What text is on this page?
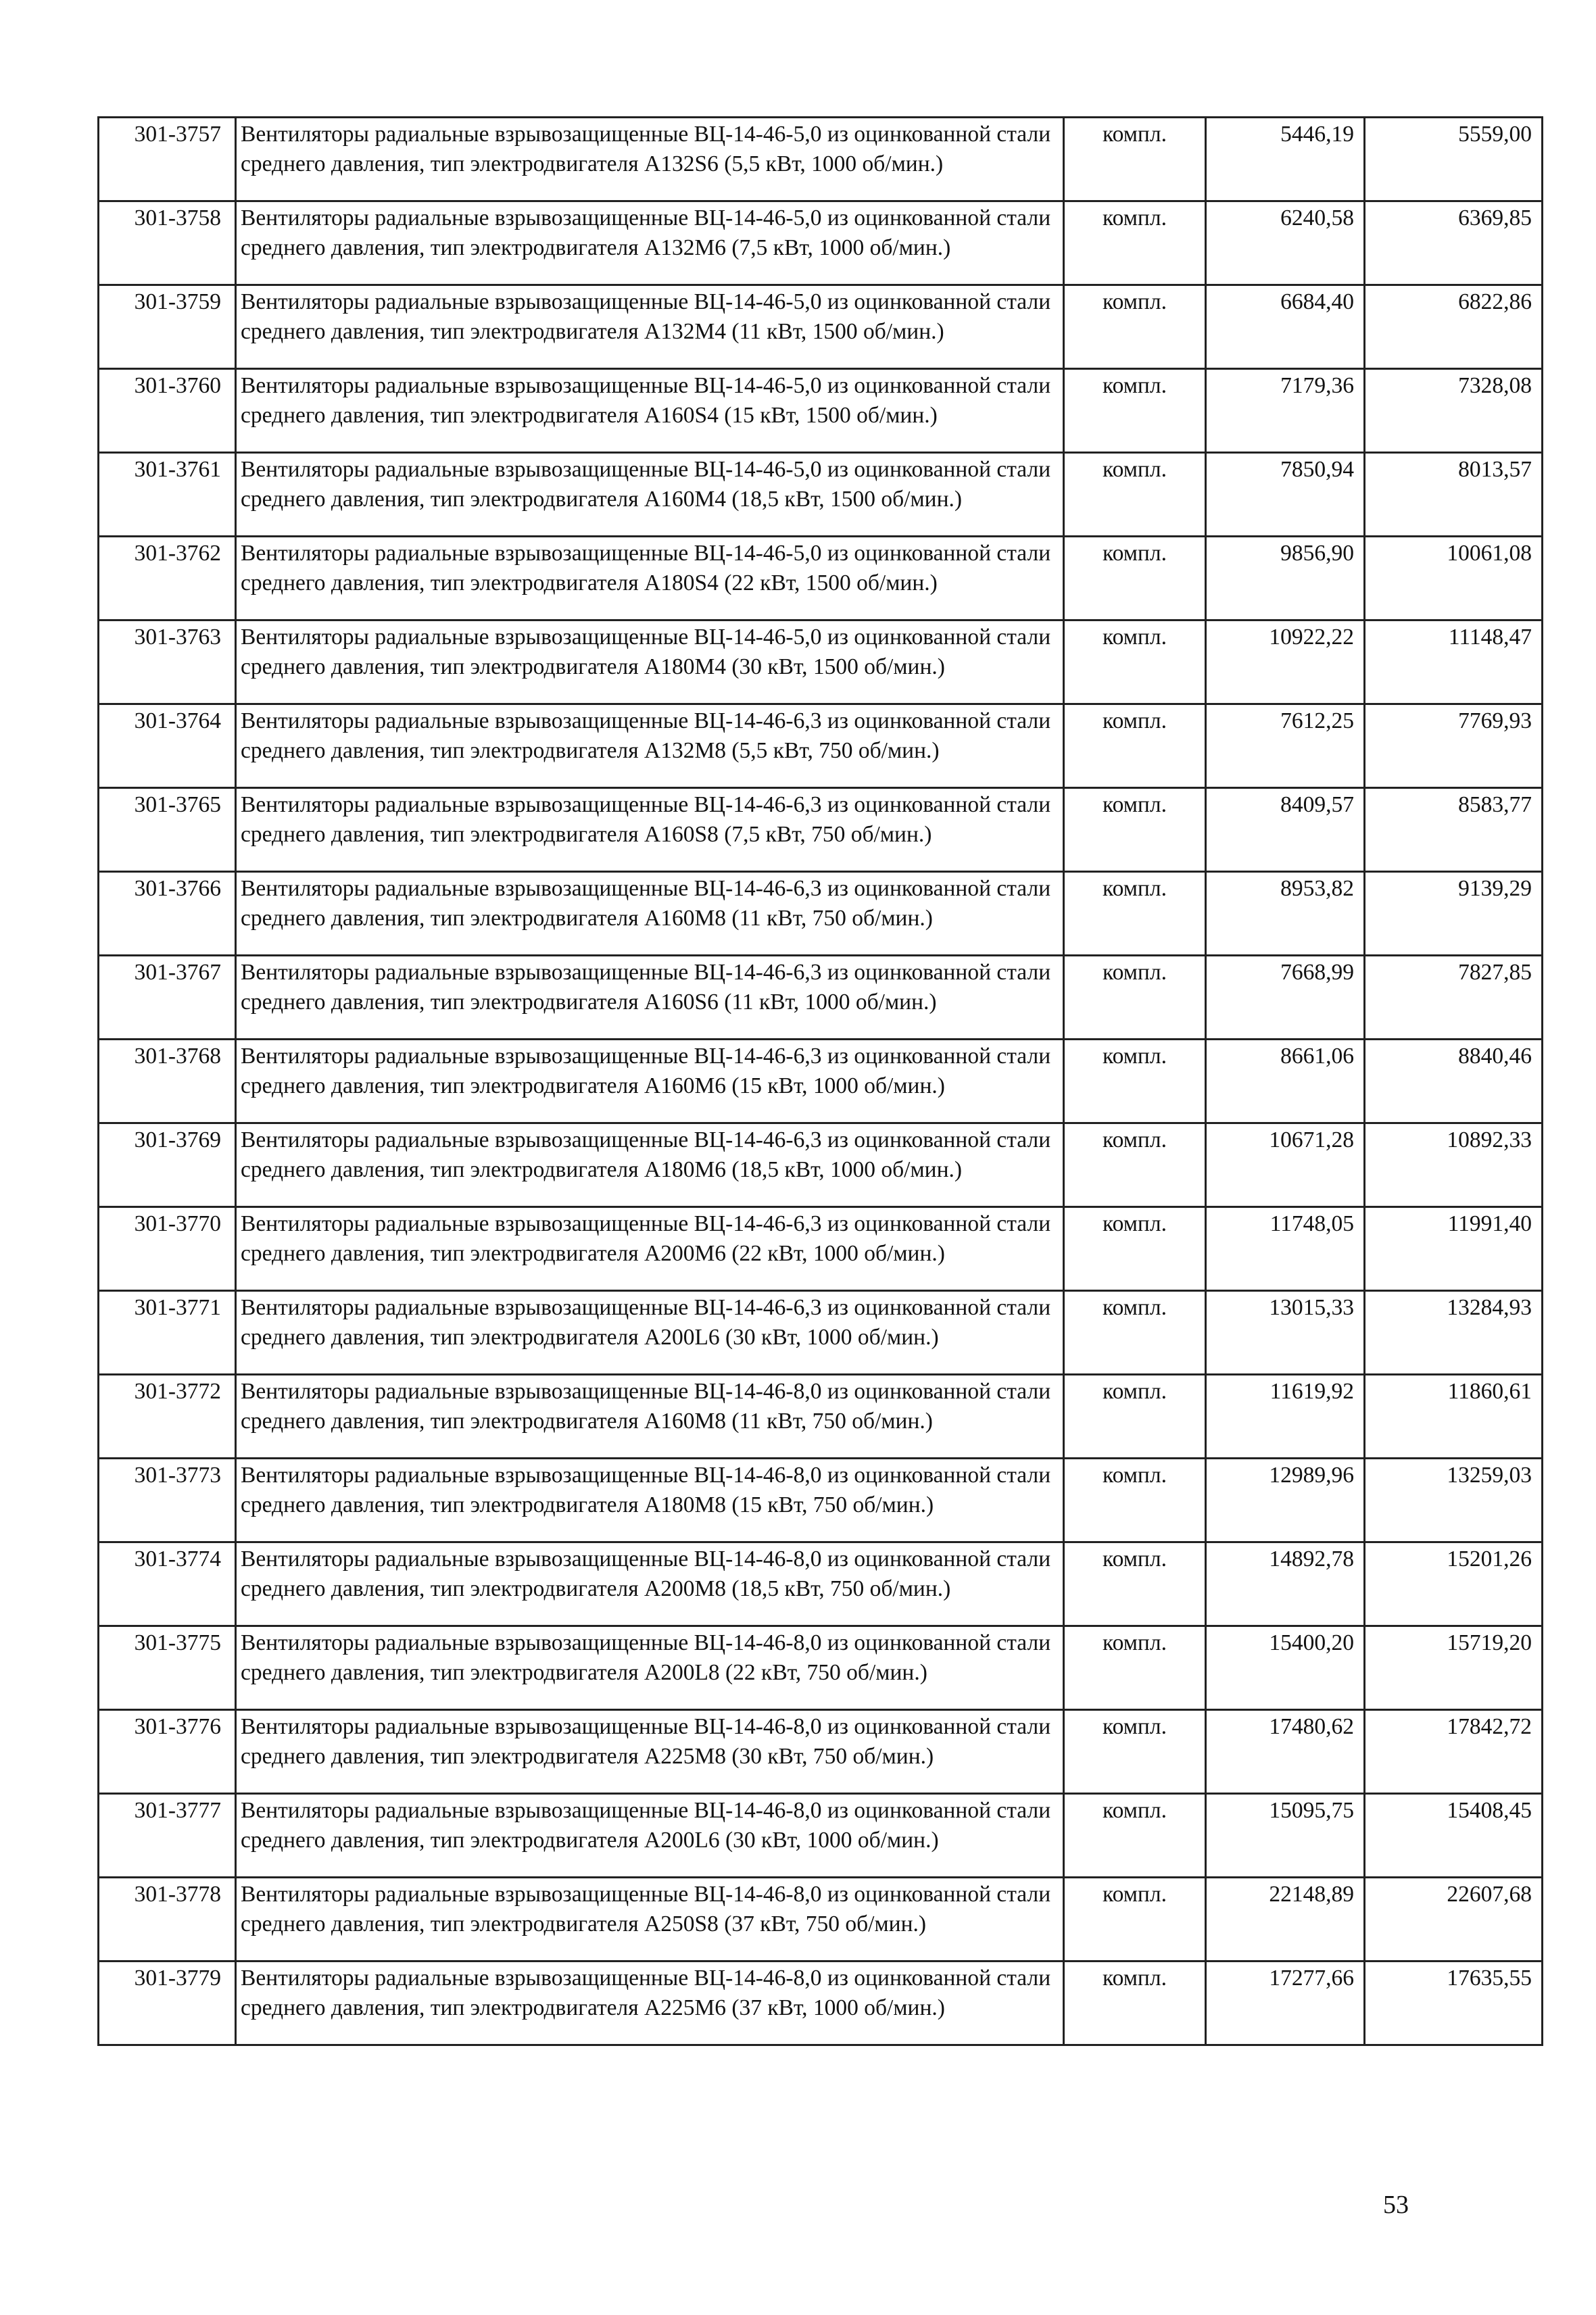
301-3757	Вентиляторы радиальные взрывозащищенные ВЦ-14-46-5,0 из оцинкованной стали среднего давления, тип электродвигателя А132S6 (5,5 кВт, 1000 об/мин.)	компл.	5446,19	5559,00
301-3758	Вентиляторы радиальные взрывозащищенные ВЦ-14-46-5,0 из оцинкованной стали среднего давления, тип электродвигателя А132М6 (7,5 кВт, 1000 об/мин.)	компл.	6240,58	6369,85
301-3759	Вентиляторы радиальные взрывозащищенные ВЦ-14-46-5,0 из оцинкованной стали среднего давления, тип электродвигателя А132М4 (11 кВт, 1500 об/мин.)	компл.	6684,40	6822,86
301-3760	Вентиляторы радиальные взрывозащищенные ВЦ-14-46-5,0 из оцинкованной стали среднего давления, тип электродвигателя А160S4 (15 кВт, 1500 об/мин.)	компл.	7179,36	7328,08
301-3761	Вентиляторы радиальные взрывозащищенные ВЦ-14-46-5,0 из оцинкованной стали среднего давления, тип электродвигателя А160М4 (18,5 кВт, 1500 об/мин.)	компл.	7850,94	8013,57
301-3762	Вентиляторы радиальные взрывозащищенные ВЦ-14-46-5,0 из оцинкованной стали среднего давления, тип электродвигателя А180S4 (22 кВт, 1500 об/мин.)	компл.	9856,90	10061,08
301-3763	Вентиляторы радиальные взрывозащищенные ВЦ-14-46-5,0 из оцинкованной стали среднего давления, тип электродвигателя А180М4 (30 кВт, 1500 об/мин.)	компл.	10922,22	11148,47
301-3764	Вентиляторы радиальные взрывозащищенные ВЦ-14-46-6,3 из оцинкованной стали среднего давления, тип электродвигателя А132М8 (5,5 кВт, 750 об/мин.)	компл.	7612,25	7769,93
301-3765	Вентиляторы радиальные взрывозащищенные ВЦ-14-46-6,3 из оцинкованной стали среднего давления, тип электродвигателя А160S8 (7,5 кВт, 750 об/мин.)	компл.	8409,57	8583,77
301-3766	Вентиляторы радиальные взрывозащищенные ВЦ-14-46-6,3 из оцинкованной стали среднего давления, тип электродвигателя А160М8 (11 кВт, 750 об/мин.)	компл.	8953,82	9139,29
301-3767	Вентиляторы радиальные взрывозащищенные ВЦ-14-46-6,3 из оцинкованной стали среднего давления, тип электродвигателя А160S6 (11 кВт, 1000 об/мин.)	компл.	7668,99	7827,85
301-3768	Вентиляторы радиальные взрывозащищенные ВЦ-14-46-6,3 из оцинкованной стали среднего давления, тип электродвигателя А160М6 (15 кВт, 1000 об/мин.)	компл.	8661,06	8840,46
301-3769	Вентиляторы радиальные взрывозащищенные ВЦ-14-46-6,3 из оцинкованной стали среднего давления, тип электродвигателя А180М6 (18,5 кВт, 1000 об/мин.)	компл.	10671,28	10892,33
301-3770	Вентиляторы радиальные взрывозащищенные ВЦ-14-46-6,3 из оцинкованной стали среднего давления, тип электродвигателя А200М6 (22 кВт, 1000 об/мин.)	компл.	11748,05	11991,40
301-3771	Вентиляторы радиальные взрывозащищенные ВЦ-14-46-6,3 из оцинкованной стали среднего давления, тип электродвигателя А200L6 (30 кВт, 1000 об/мин.)	компл.	13015,33	13284,93
301-3772	Вентиляторы радиальные взрывозащищенные ВЦ-14-46-8,0 из оцинкованной стали среднего давления, тип электродвигателя А160М8 (11 кВт, 750 об/мин.)	компл.	11619,92	11860,61
301-3773	Вентиляторы радиальные взрывозащищенные ВЦ-14-46-8,0 из оцинкованной стали среднего давления, тип электродвигателя А180М8 (15 кВт, 750 об/мин.)	компл.	12989,96	13259,03
301-3774	Вентиляторы радиальные взрывозащищенные ВЦ-14-46-8,0 из оцинкованной стали среднего давления, тип электродвигателя А200М8 (18,5 кВт, 750 об/мин.)	компл.	14892,78	15201,26
301-3775	Вентиляторы радиальные взрывозащищенные ВЦ-14-46-8,0 из оцинкованной стали среднего давления, тип электродвигателя А200L8 (22 кВт, 750 об/мин.)	компл.	15400,20	15719,20
301-3776	Вентиляторы радиальные взрывозащищенные ВЦ-14-46-8,0 из оцинкованной стали среднего давления, тип электродвигателя А225М8 (30 кВт, 750 об/мин.)	компл.	17480,62	17842,72
301-3777	Вентиляторы радиальные взрывозащищенные ВЦ-14-46-8,0 из оцинкованной стали среднего давления, тип электродвигателя А200L6 (30 кВт, 1000 об/мин.)	компл.	15095,75	15408,45
301-3778	Вентиляторы радиальные взрывозащищенные ВЦ-14-46-8,0 из оцинкованной стали среднего давления, тип электродвигателя А250S8 (37 кВт, 750 об/мин.)	компл.	22148,89	22607,68
301-3779	Вентиляторы радиальные взрывозащищенные ВЦ-14-46-8,0 из оцинкованной стали среднего давления, тип электродвигателя А225М6 (37 кВт, 1000 об/мин.)	компл.	17277,66	17635,55
53
